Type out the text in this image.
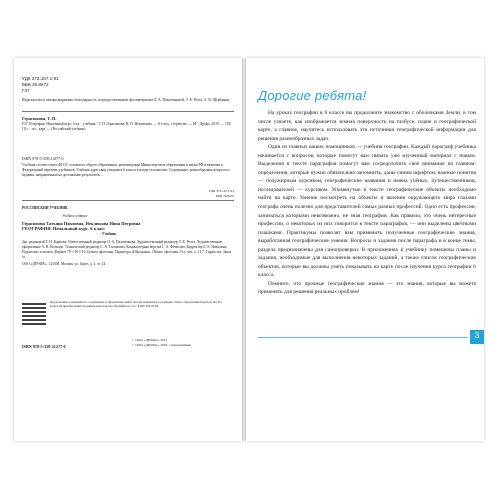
УДК 373.167.1:91
ББК 26.8я72
Г37
Издательство и авторы выражают благодарность за предоставленные фотоматериалы О. А. Пахатенковой, Э. Е. Рехта, А. В. Щербакову
Герасимова, Т. П.
Г37 География. Начальный курс. 6 кл. : учебник / Т. П. Герасимова, Н. П. Неклюкова. — 8-е изд., стереотип. — М. : Дрофа, 2019. — 159, [1] с. : ил., карт. — (Российский учебник).
ISBN 978-5-358-21277-0
Учебник соответствует ФГОС основного общего образования, рекомендован Министерством образования и науки РФ и включен в Федеральный перечень учебников. Учебник адресован учащимся 6 класса и входит в комплект. Содержание, разнообразные вопросы и задания, направленные на достижение результатов ...
УДК 373.167.1:91
ББК 26.8я72
РОССИЙСКИЙ УЧЕБНИК
Учебное издание
Герасимова Татьяна Павловна, Неклюкова Нина Петровна
ГЕОГРАФИЯ. Начальный курс. 6 класс
Учебник
Зав. редакцией Т. Н. Карпова. Ответственный редактор О. А. Пахатенкова. Художественный редактор Л. Е. Рехта. Художественное оформление А. В. Кольцов. Технический редактор С. А. Толмачева. Компьютерная верстка Г. А. Фетисова. Корректор Е. Е. Никулина. Подписано к печати. Формат 70 × 90 1/16. Бумага офсетная. Гарнитура «Школьная». Печать офсетная. Усл. печ. л. 11,7. Тираж экз. Заказ №
ООО «ДРОФА». 123308, Москва, ул. Зорге, д. 1, эт. 14.
Предложения и замечания по содержанию и оформлению книги просим направлять в редакцию общего образования издательства. По вопросам приобретения продукции издательства обращайтесь: тел.: 8-800-700-64-83.
ISBN 978-5-358-21277-0
© ООО «ДРОФА», 2013
© ООО «ДРОФА», 2018, с изменениями
Дорогие ребята!

На уроках географии в 6 классе вы продолжите знакомство с оболочками Земли, в том числе узнаете, как изображается земная поверхность на глобусе, плане и географической карте, а главное, научитесь использовать эти источники географической информации для решения разнообразных задач.

Один из главных ваших помощников — учебник географии. Каждый параграф учебника начинается с вопросов, которые помогут вам связать уже изученный материал с новым. Выделения в тексте параграфов помогут вам сосредоточить своё внимание на главном: определения, которые нужно обязательно запомнить, даны синим шрифтом, важные понятия — полужирным курсивом, географические названия и имена учёных, путешественников, исследователей — курсивом. Упомянутые в тексте географические объекты необходимо найти на карте. Умение посмотреть на объекты и явления окружающего мира глазами географа очень полезно для представителей самых разных профессий. Одно есть профессии, заниматься которыми невозможно, не зная географии. Как правило, это очень интересные профессии, о некоторых из них говорится в тексте параграфов, — они выделены цветными плашками. Практикумы позволят вам применить полученные географические знания, выработанная географические умения. Вопросы и задания после параграфа и в конце темы, раздела предназначены для самопроверки. В приложениях к учебнику помещены планы и задания, необходимые для выполнения некоторых заданий, а также список географических объектов, которые вы должны уметь показывать на карте после изучения курса географии 6 класса.

Помните, что прочные географические знания — это знания, которые вы можете применять для решения реальных проблем!

3
